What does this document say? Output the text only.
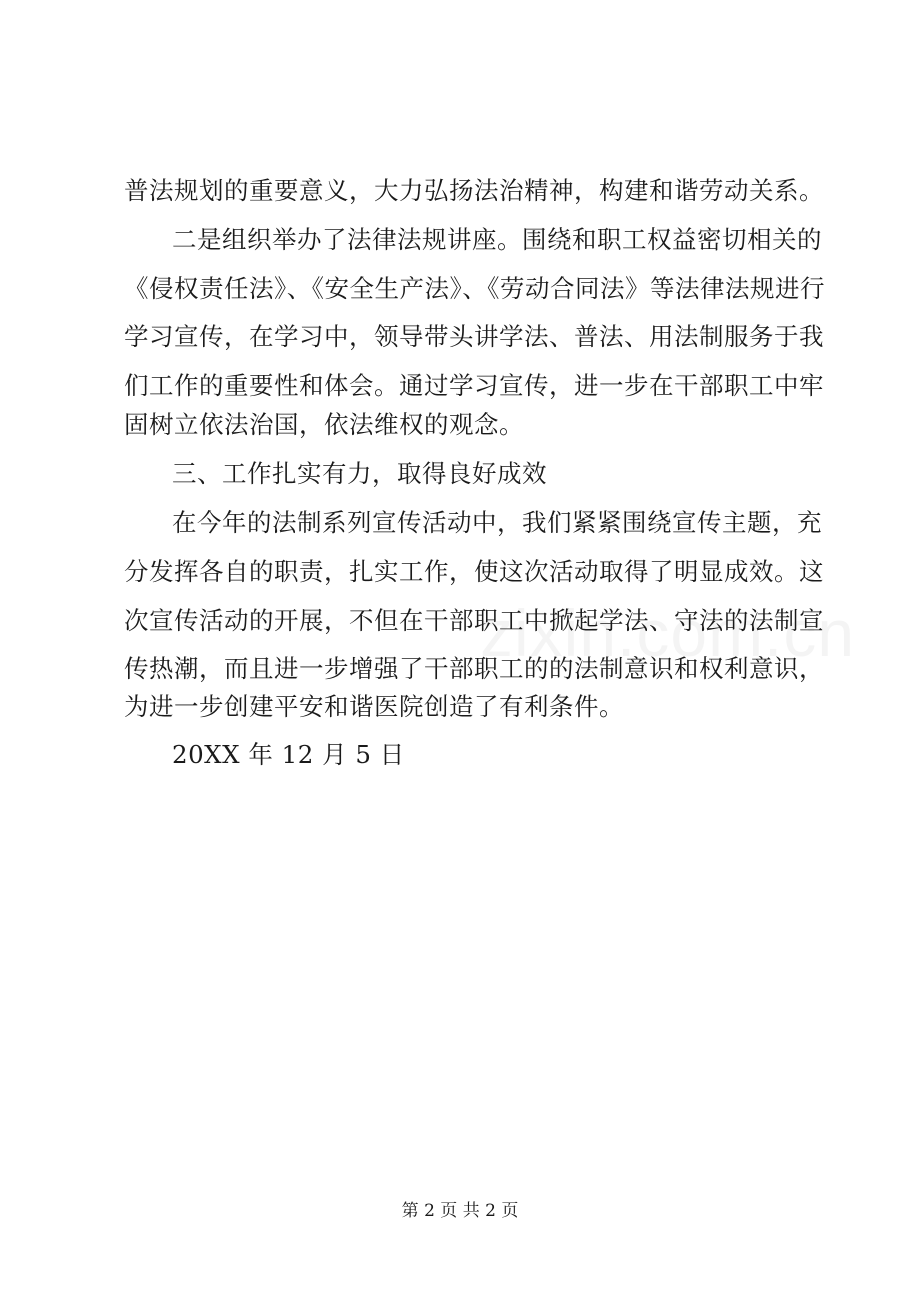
普法规划的重要意义，大力弘扬法治精神，构建和谐劳动关系。
二是组织举办了法律法规讲座。围绕和职工权益密切相关的
《侵权责任法》、《安全生产法》、《劳动合同法》等法律法规进行
学习宣传，在学习中，领导带头讲学法、普法、用法制服务于我
们工作的重要性和体会。通过学习宣传，进一步在干部职工中牢
固树立依法治国，依法维权的观念。
三、工作扎实有力，取得良好成效
在今年的法制系列宣传活动中，我们紧紧围绕宣传主题，充
分发挥各自的职责，扎实工作，使这次活动取得了明显成效。这
次宣传活动的开展，不但在干部职工中掀起学法、守法的法制宣
传热潮，而且进一步增强了干部职工的的法制意识和权利意识，
为进一步创建平安和谐医院创造了有利条件。
20XX 年 12 月 5 日
第 2 页 共 2 页
